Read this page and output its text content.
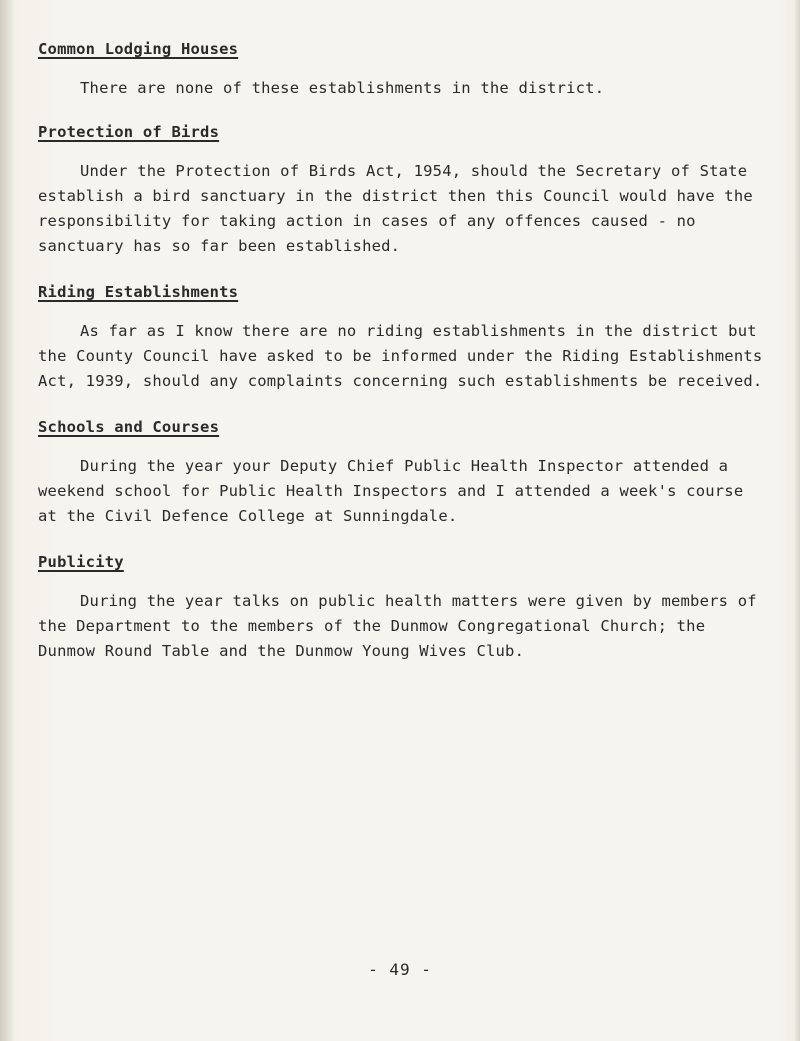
Common Lodging Houses

There are none of these establishments in the district.

Protection of Birds

Under the Protection of Birds Act, 1954, should the Secretary of State establish a bird sanctuary in the district then this Council would have the responsibility for taking action in cases of any offences caused - no sanctuary has so far been established.

Riding Establishments

As far as I know there are no riding establishments in the district but the County Council have asked to be informed under the Riding Establishments Act, 1939, should any complaints concerning such establishments be received.

Schools and Courses

During the year your Deputy Chief Public Health Inspector attended a weekend school for Public Health Inspectors and I attended a week's course at the Civil Defence College at Sunningdale.

Publicity

During the year talks on public health matters were given by members of the Department to the members of the Dunmow Congregational Church; the Dunmow Round Table and the Dunmow Young Wives Club.

- 49 -
